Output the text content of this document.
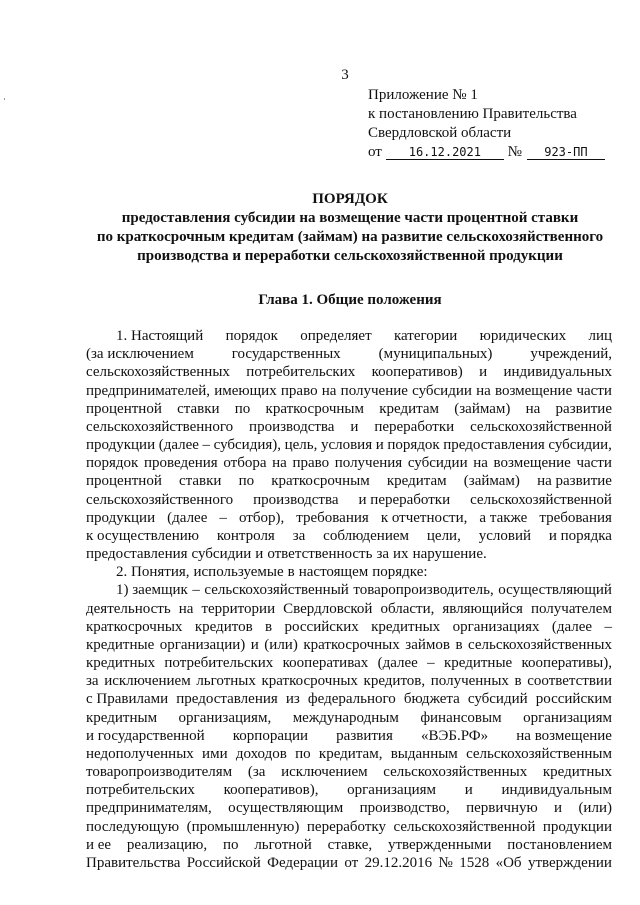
3
Приложение № 1
к постановлению Правительства
Свердловской области
от 16.12.2021 № 923-ПП
ПОРЯДОК
предоставления субсидии на возмещение части процентной ставки
по краткосрочным кредитам (займам) на развитие сельскохозяйственного
производства и переработки сельскохозяйственной продукции
Глава 1. Общие положения
1. Настоящий порядок определяет категории юридических лиц
(за исключением	государственных	(муниципальных)	учреждений,
сельскохозяйственных потребительских кооперативов) и индивидуальных
предпринимателей, имеющих право на получение субсидии на возмещение части
процентной ставки по краткосрочным кредитам (займам) на развитие
сельскохозяйственного производства и переработки сельскохозяйственной
продукции (далее – субсидия), цель, условия и порядок предоставления субсидии,
порядок проведения отбора на право получения субсидии на возмещение части
процентной ставки по краткосрочным кредитам (займам) на развитие
сельскохозяйственного производства и переработки сельскохозяйственной
продукции (далее – отбор), требования к отчетности, а также требования
к осуществлению контроля за соблюдением цели, условий и порядка
предоставления субсидии и ответственность за их нарушение.
2. Понятия, используемые в настоящем порядке:
1) заемщик – сельскохозяйственный товаропроизводитель, осуществляющий
деятельность на территории Свердловской области, являющийся получателем
краткосрочных кредитов в российских кредитных организациях (далее –
кредитные организации) и (или) краткосрочных займов в сельскохозяйственных
кредитных потребительских кооперативах (далее – кредитные кооперативы),
за исключением льготных краткосрочных кредитов, полученных в соответствии
с Правилами предоставления из федерального бюджета субсидий российским
кредитным организациям, международным финансовым организациям
и государственной корпорации развития «ВЭБ.РФ» на возмещение
недополученных ими доходов по кредитам, выданным сельскохозяйственным
товаропроизводителям (за исключением сельскохозяйственных кредитных
потребительских кооперативов), организациям и индивидуальным
предпринимателям, осуществляющим производство, первичную и (или)
последующую (промышленную) переработку сельскохозяйственной продукции
и ее реализацию, по льготной ставке, утвержденными постановлением
Правительства Российской Федерации от 29.12.2016 № 1528 «Об утверждении
